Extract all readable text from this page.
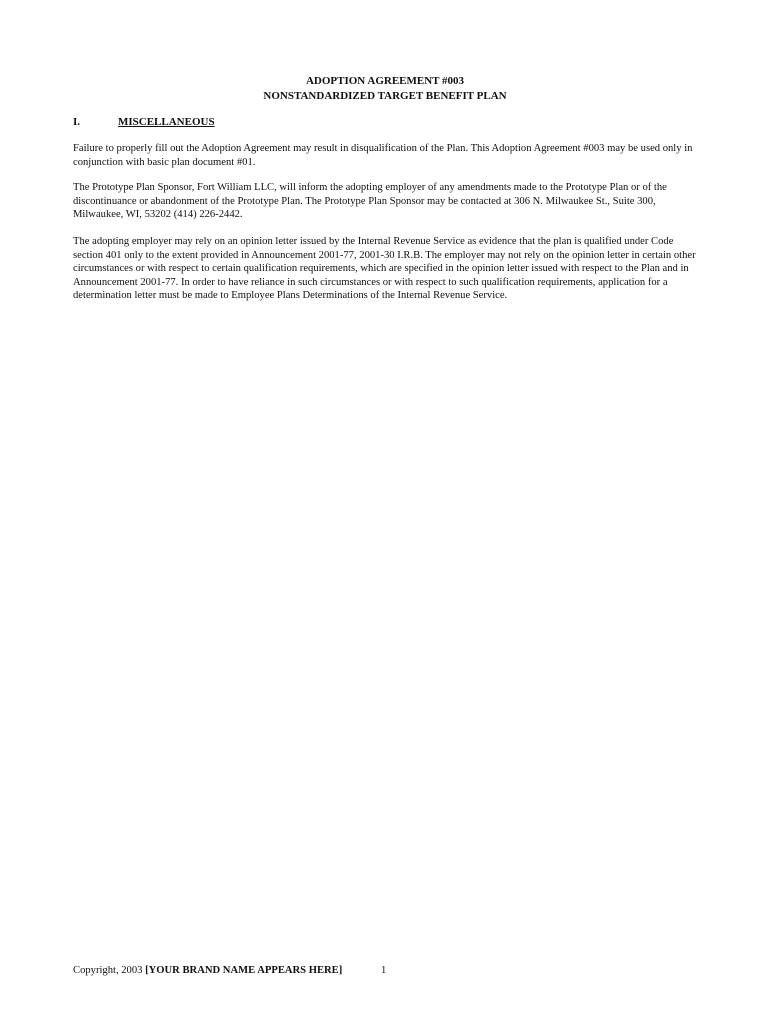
ADOPTION AGREEMENT #003
NONSTANDARDIZED TARGET BENEFIT PLAN
I.	MISCELLANEOUS

Failure to properly fill out the Adoption Agreement may result in disqualification of the Plan. This Adoption Agreement #003 may be used only in conjunction with basic plan document #01.

The Prototype Plan Sponsor, Fort William LLC, will inform the adopting employer of any amendments made to the Prototype Plan or of the discontinuance or abandonment of the Prototype Plan. The Prototype Plan Sponsor may be contacted at 306 N. Milwaukee St., Suite 300, Milwaukee, WI, 53202 (414) 226-2442.

The adopting employer may rely on an opinion letter issued by the Internal Revenue Service as evidence that the plan is qualified under Code section 401 only to the extent provided in Announcement 2001-77, 2001-30 I.R.B. The employer may not rely on the opinion letter in certain other circumstances or with respect to certain qualification requirements, which are specified in the opinion letter issued with respect to the Plan and in Announcement 2001-77. In order to have reliance in such circumstances or with respect to such qualification requirements, application for a determination letter must be made to Employee Plans Determinations of the Internal Revenue Service.

Copyright, 2003 [YOUR BRAND NAME APPEARS HERE]	1
